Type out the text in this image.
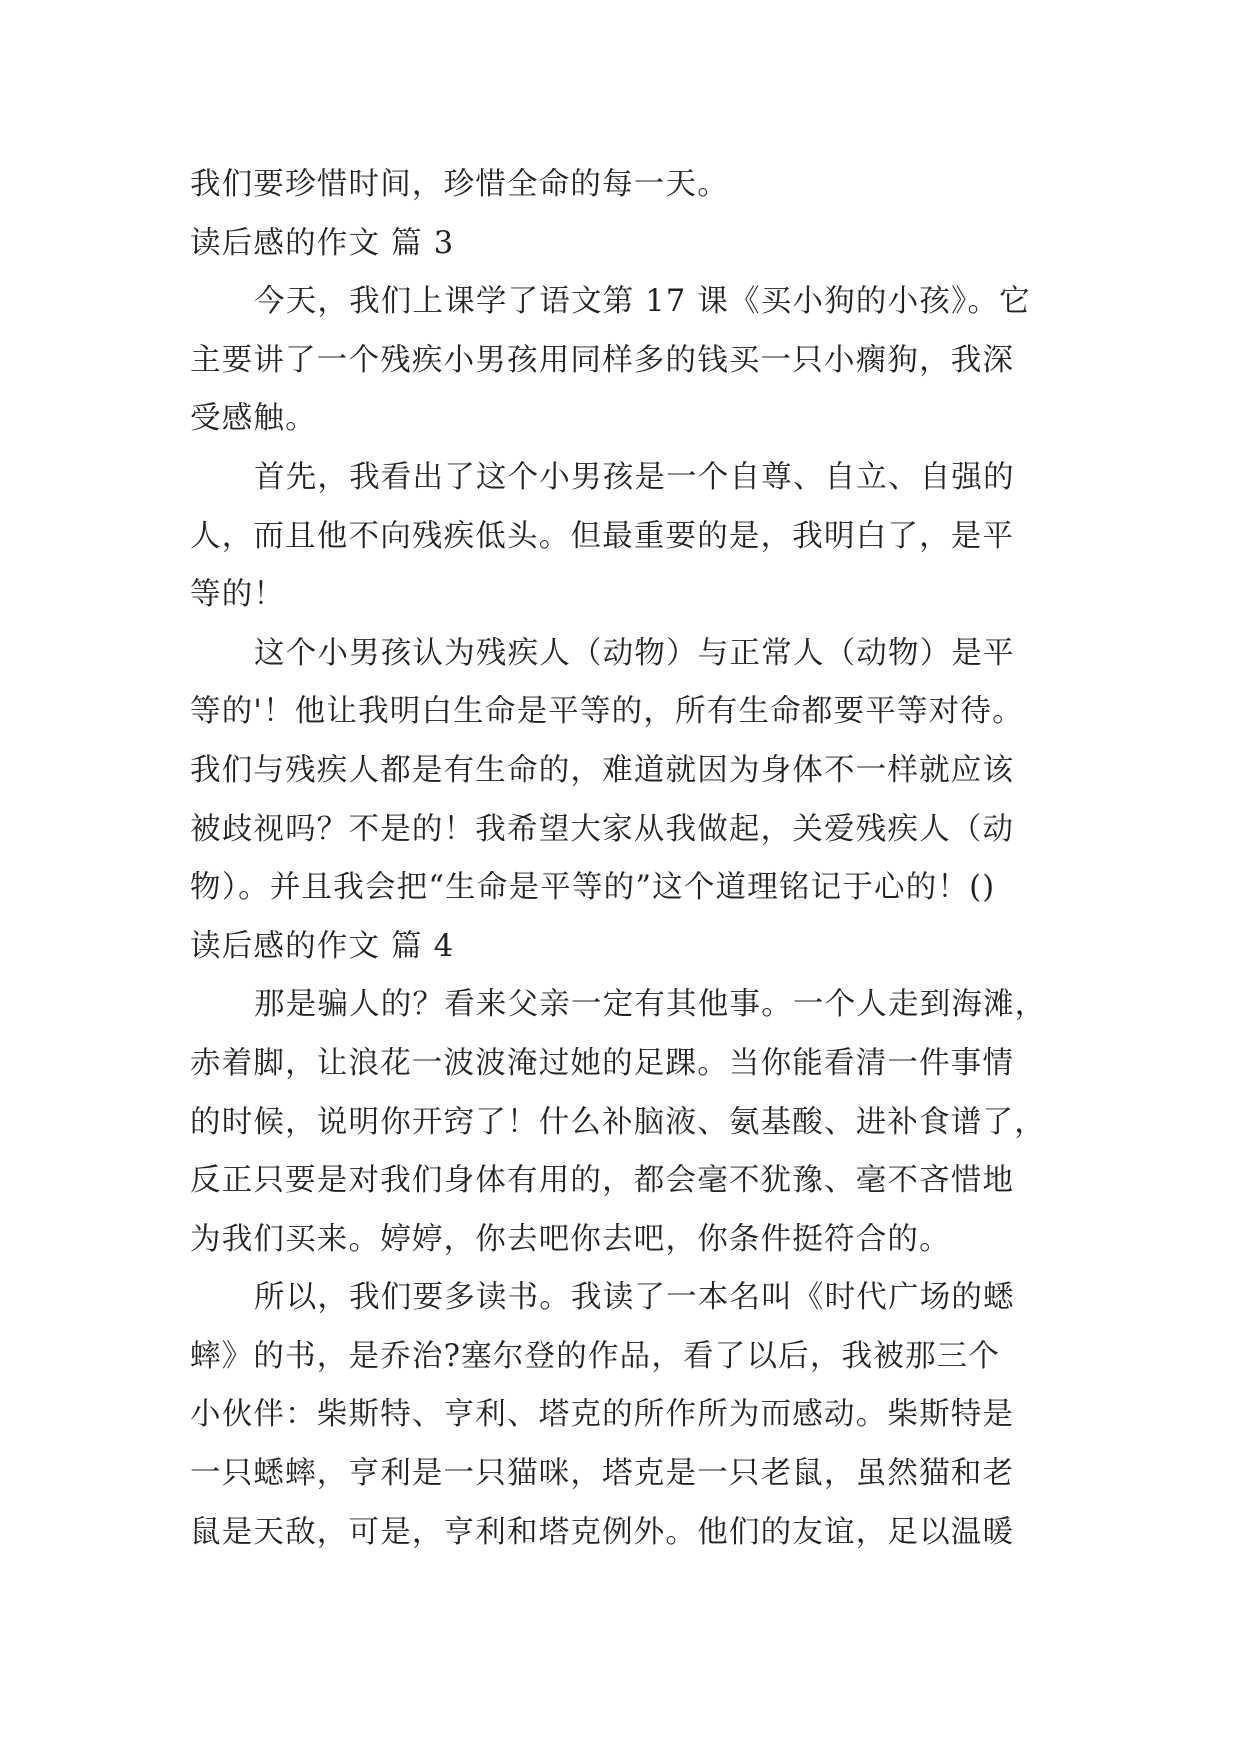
我们要珍惜时间，珍惜全命的每一天。
读后感的作文 篇 3
今天，我们上课学了语文第 17 课《买小狗的小孩》。它
主要讲了一个残疾小男孩用同样多的钱买一只小瘸狗，我深
受感触。
首先，我看出了这个小男孩是一个自尊、自立、自强的
人，而且他不向残疾低头。但最重要的是，我明白了，是平
等的！
这个小男孩认为残疾人（动物）与正常人（动物）是平
等的'！他让我明白生命是平等的，所有生命都要平等对待。
我们与残疾人都是有生命的，难道就因为身体不一样就应该
被歧视吗？不是的！我希望大家从我做起，关爱残疾人（动
物）。并且我会把“生命是平等的”这个道理铭记于心的！()
读后感的作文 篇 4
那是骗人的？看来父亲一定有其他事。一个人走到海滩，
赤着脚，让浪花一波波淹过她的足踝。当你能看清一件事情
的时候，说明你开窍了！什么补脑液、氨基酸、进补食谱了，
反正只要是对我们身体有用的，都会毫不犹豫、毫不吝惜地
为我们买来。婷婷，你去吧你去吧，你条件挺符合的。
所以，我们要多读书。我读了一本名叫《时代广场的蟋
蟀》的书，是乔治?塞尔登的作品，看了以后，我被那三个
小伙伴：柴斯特、亨利、塔克的所作所为而感动。柴斯特是
一只蟋蟀，亨利是一只猫咪，塔克是一只老鼠，虽然猫和老
鼠是天敌，可是，亨利和塔克例外。他们的友谊，足以温暖
